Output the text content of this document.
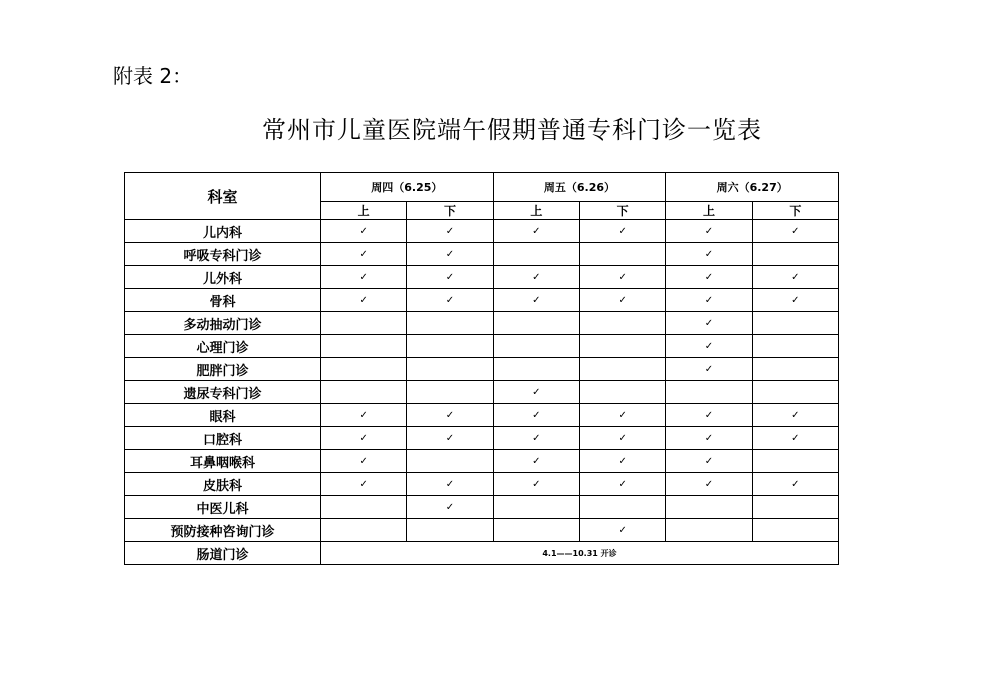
附表 2：
常州市儿童医院端午假期普通专科门诊一览表
科室	周四（6.25）		周五（6.26）		周六（6.27）	
	上	下	上	下	上	下
儿内科	✓	✓	✓	✓	✓	✓
呼吸专科门诊	✓	✓			✓	
儿外科	✓	✓	✓	✓	✓	✓
骨科	✓	✓	✓	✓	✓	✓
多动抽动门诊					✓	
心理门诊					✓	
肥胖门诊					✓	
遗尿专科门诊			✓			
眼科	✓	✓	✓	✓	✓	✓
口腔科	✓	✓	✓	✓	✓	✓
耳鼻咽喉科	✓		✓	✓	✓	
皮肤科	✓	✓	✓	✓	✓	✓
中医儿科		✓				
预防接种咨询门诊				✓		
肠道门诊	4.1——10.31 开诊					
